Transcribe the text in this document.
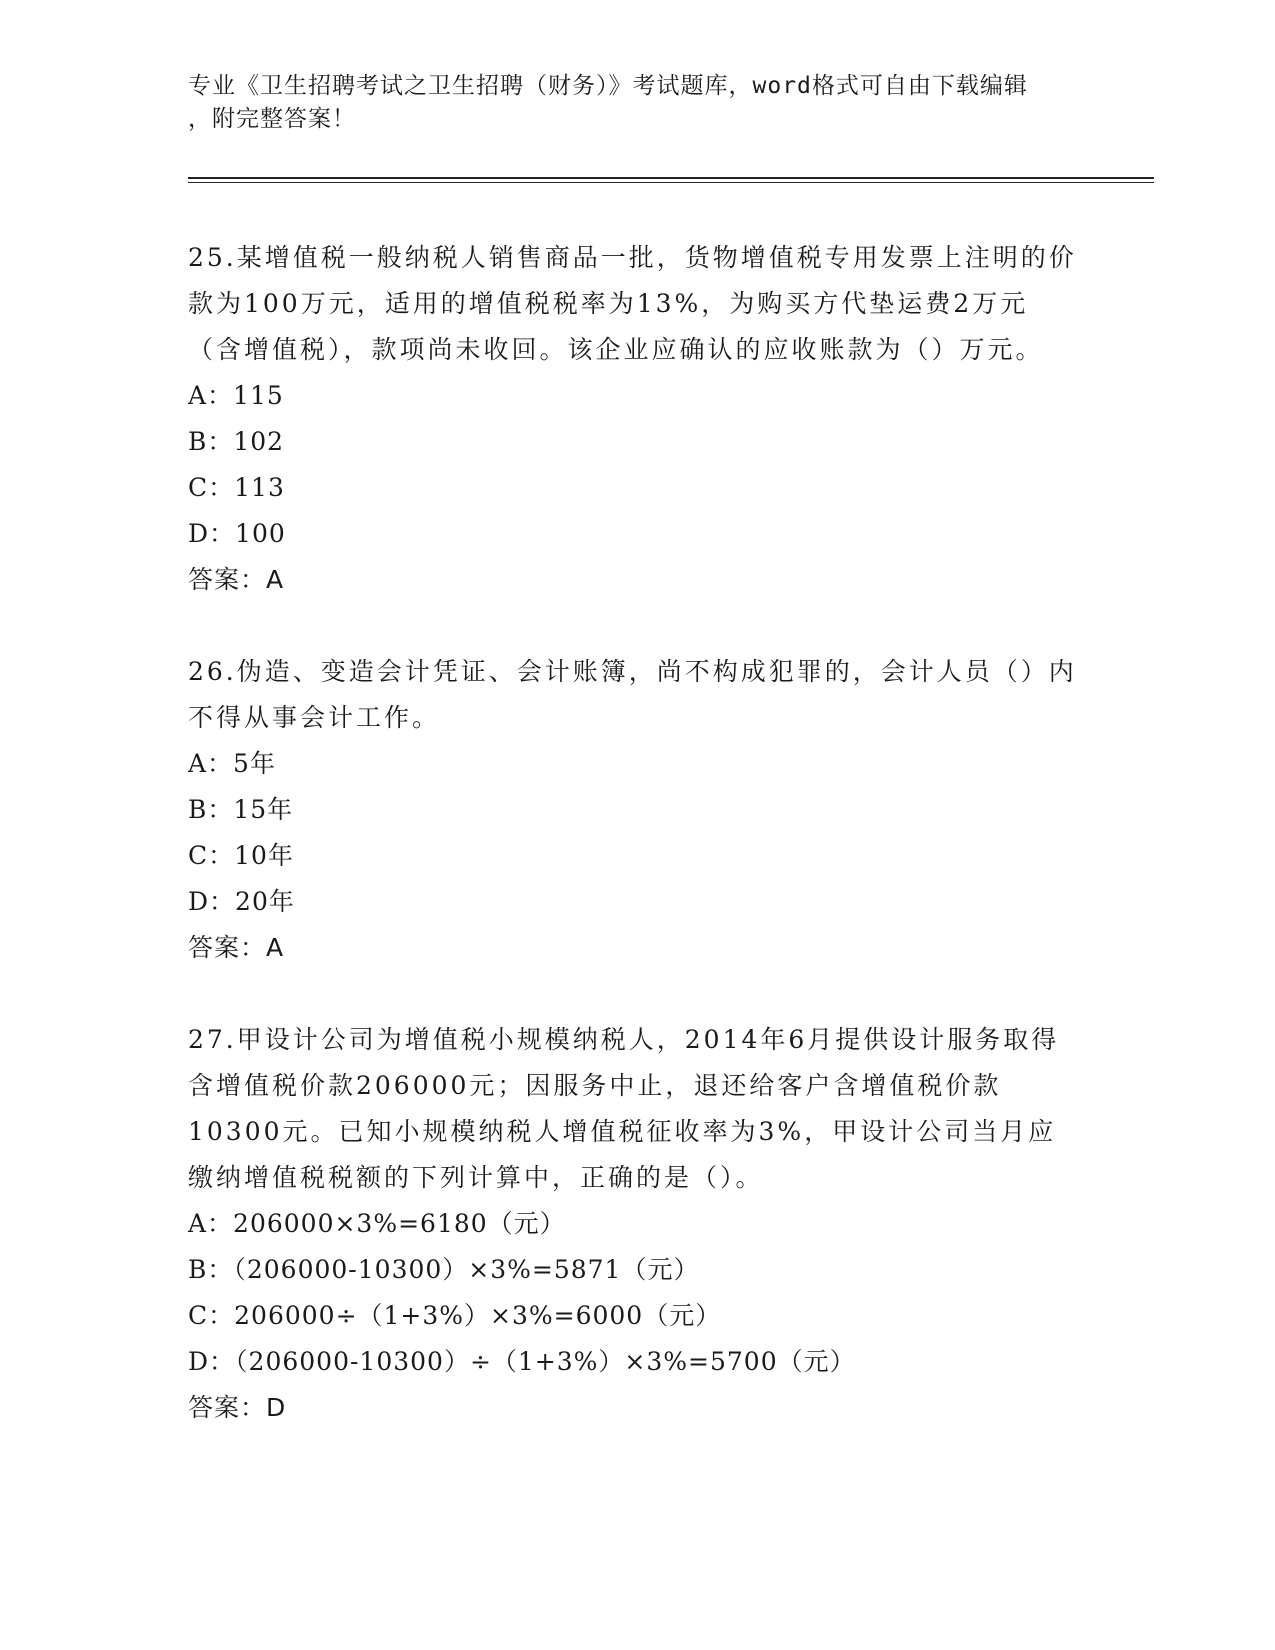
专业《卫生招聘考试之卫生招聘（财务）》考试题库，word格式可自由下载编辑
，附完整答案！
25.某增值税一般纳税人销售商品一批，货物增值税专用发票上注明的价款为100万元，适用的增值税税率为13%，为购买方代垫运费2万元（含增值税），款项尚未收回。该企业应确认的应收账款为（）万元。
A：115
B：102
C：113
D：100
答案：A
26.伪造、变造会计凭证、会计账簿，尚不构成犯罪的，会计人员（）内不得从事会计工作。
A：5年
B：15年
C：10年
D：20年
答案：A
27.甲设计公司为增值税小规模纳税人，2014年6月提供设计服务取得含增值税价款206000元；因服务中止，退还给客户含增值税价款10300元。已知小规模纳税人增值税征收率为3%，甲设计公司当月应缴纳增值税税额的下列计算中，正确的是（）。
A：206000×3%=6180（元）
B：（206000-10300）×3%=5871（元）
C：206000÷（1+3%）×3%=6000（元）
D：（206000-10300）÷（1+3%）×3%=5700（元）
答案：D
